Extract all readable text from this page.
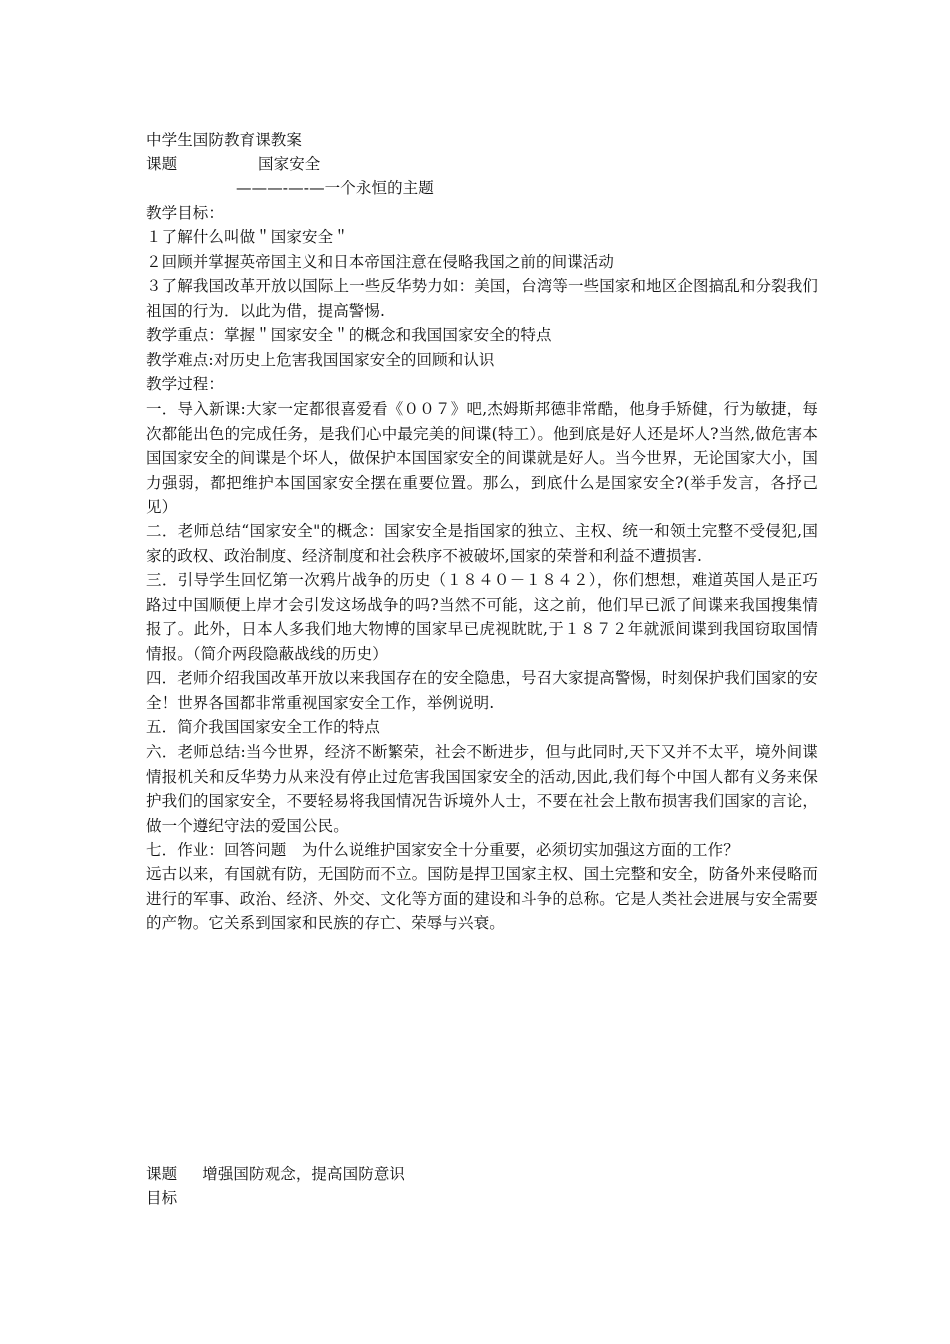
中学生国防教育课教案
课题	国家安全
———-—-—一个永恒的主题
教学目标：
１了解什么叫做＂国家安全＂
２回顾并掌握英帝国主义和日本帝国注意在侵略我国之前的间谍活动
３了解我国改革开放以国际上一些反华势力如：美国，台湾等一些国家和地区企图搞乱和分裂我们祖国的行为．以此为借，提高警惕.
教学重点：掌握＂国家安全＂的概念和我国国家安全的特点
教学难点:对历史上危害我国国家安全的回顾和认识
教学过程：
一．导入新课:大家一定都很喜爱看《００７》吧,杰姆斯邦德非常酷，他身手矫健，行为敏捷，每次都能出色的完成任务，是我们心中最完美的间谍(特工）。他到底是好人还是坏人?当然,做危害本国国家安全的间谍是个坏人，做保护本国国家安全的间谍就是好人。当今世界，无论国家大小，国力强弱，都把维护本国国家安全摆在重要位置。那么，到底什么是国家安全?(举手发言，各抒己见）
二．老师总结“国家安全"的概念：国家安全是指国家的独立、主权、统一和领土完整不受侵犯,国家的政权、政治制度、经济制度和社会秩序不被破坏,国家的荣誉和利益不遭损害.
三．引导学生回忆第一次鸦片战争的历史（１８４０－１８４２），你们想想，难道英国人是正巧路过中国顺便上岸才会引发这场战争的吗?当然不可能，这之前，他们早已派了间谍来我国搜集情报了。此外，日本人多我们地大物博的国家早已虎视眈眈,于１８７２年就派间谍到我国窃取国情情报。（简介两段隐蔽战线的历史）
四．老师介绍我国改革开放以来我国存在的安全隐患，号召大家提高警惕，时刻保护我们国家的安全！世界各国都非常重视国家安全工作，举例说明.
五．简介我国国家安全工作的特点
六．老师总结:当今世界，经济不断繁荣，社会不断进步，但与此同时,天下又并不太平，境外间谍情报机关和反华势力从来没有停止过危害我国国家安全的活动,因此,我们每个中国人都有义务来保护我们的国家安全，不要轻易将我国情况告诉境外人士，不要在社会上散布损害我们国家的言论，做一个遵纪守法的爱国公民。
七．作业：回答问题　为什么说维护国家安全十分重要，必须切实加强这方面的工作？
远古以来，有国就有防，无国防而不立。国防是捍卫国家主权、国土完整和安全，防备外来侵略而进行的军事、政治、经济、外交、文化等方面的建设和斗争的总称。它是人类社会进展与安全需要的产物。它关系到国家和民族的存亡、荣辱与兴衰。
课题 增强国防观念，提高国防意识
目标
